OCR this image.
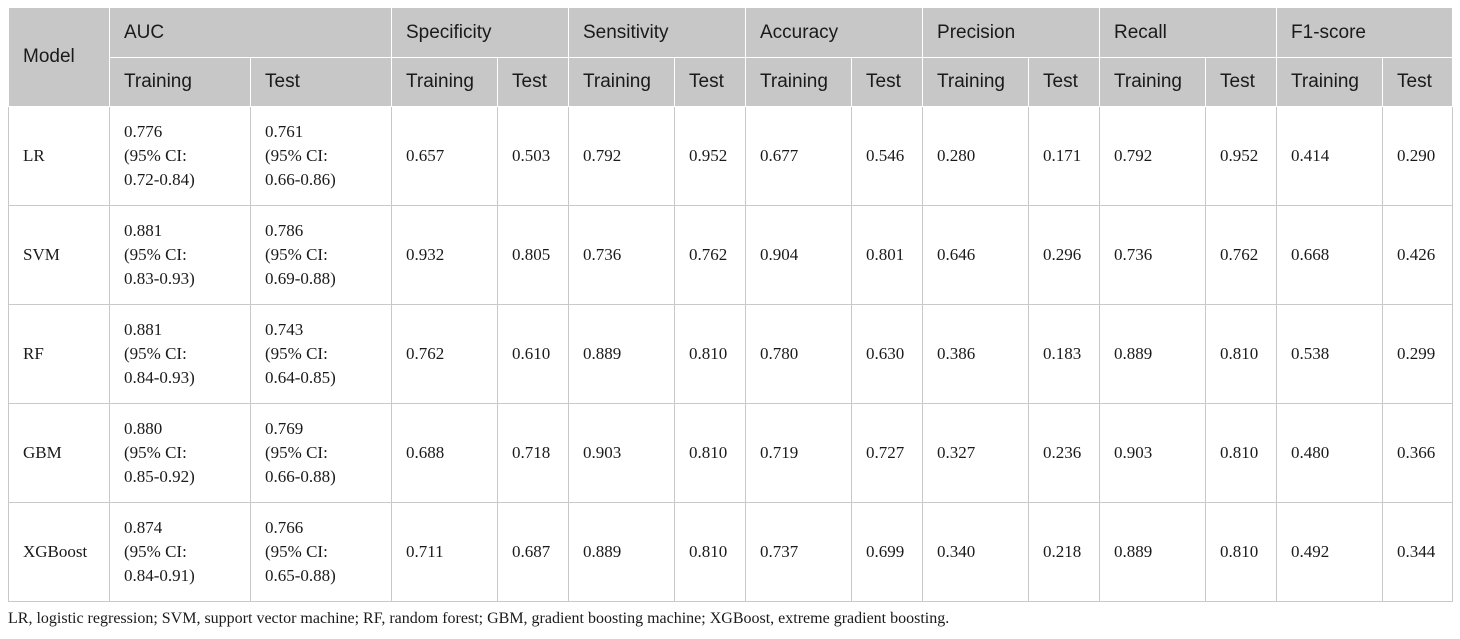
Model	AUC		Specificity		Sensitivity		Accuracy		Precision		Recall		F1-score	
	Training	Test	Training	Test	Training	Test	Training	Test	Training	Test	Training	Test	Training	Test
LR	0.776
(95% CI:
0.72-0.84)	0.761
(95% CI:
0.66-0.86)	0.657	0.503	0.792	0.952	0.677	0.546	0.280	0.171	0.792	0.952	0.414	0.290
SVM	0.881
(95% CI:
0.83-0.93)	0.786
(95% CI:
0.69-0.88)	0.932	0.805	0.736	0.762	0.904	0.801	0.646	0.296	0.736	0.762	0.668	0.426
RF	0.881
(95% CI:
0.84-0.93)	0.743
(95% CI:
0.64-0.85)	0.762	0.610	0.889	0.810	0.780	0.630	0.386	0.183	0.889	0.810	0.538	0.299
GBM	0.880
(95% CI:
0.85-0.92)	0.769
(95% CI:
0.66-0.88)	0.688	0.718	0.903	0.810	0.719	0.727	0.327	0.236	0.903	0.810	0.480	0.366
XGBoost	0.874
(95% CI:
0.84-0.91)	0.766
(95% CI:
0.65-0.88)	0.711	0.687	0.889	0.810	0.737	0.699	0.340	0.218	0.889	0.810	0.492	0.344
LR, logistic regression; SVM, support vector machine; RF, random forest; GBM, gradient boosting machine; XGBoost, extreme gradient boosting.
